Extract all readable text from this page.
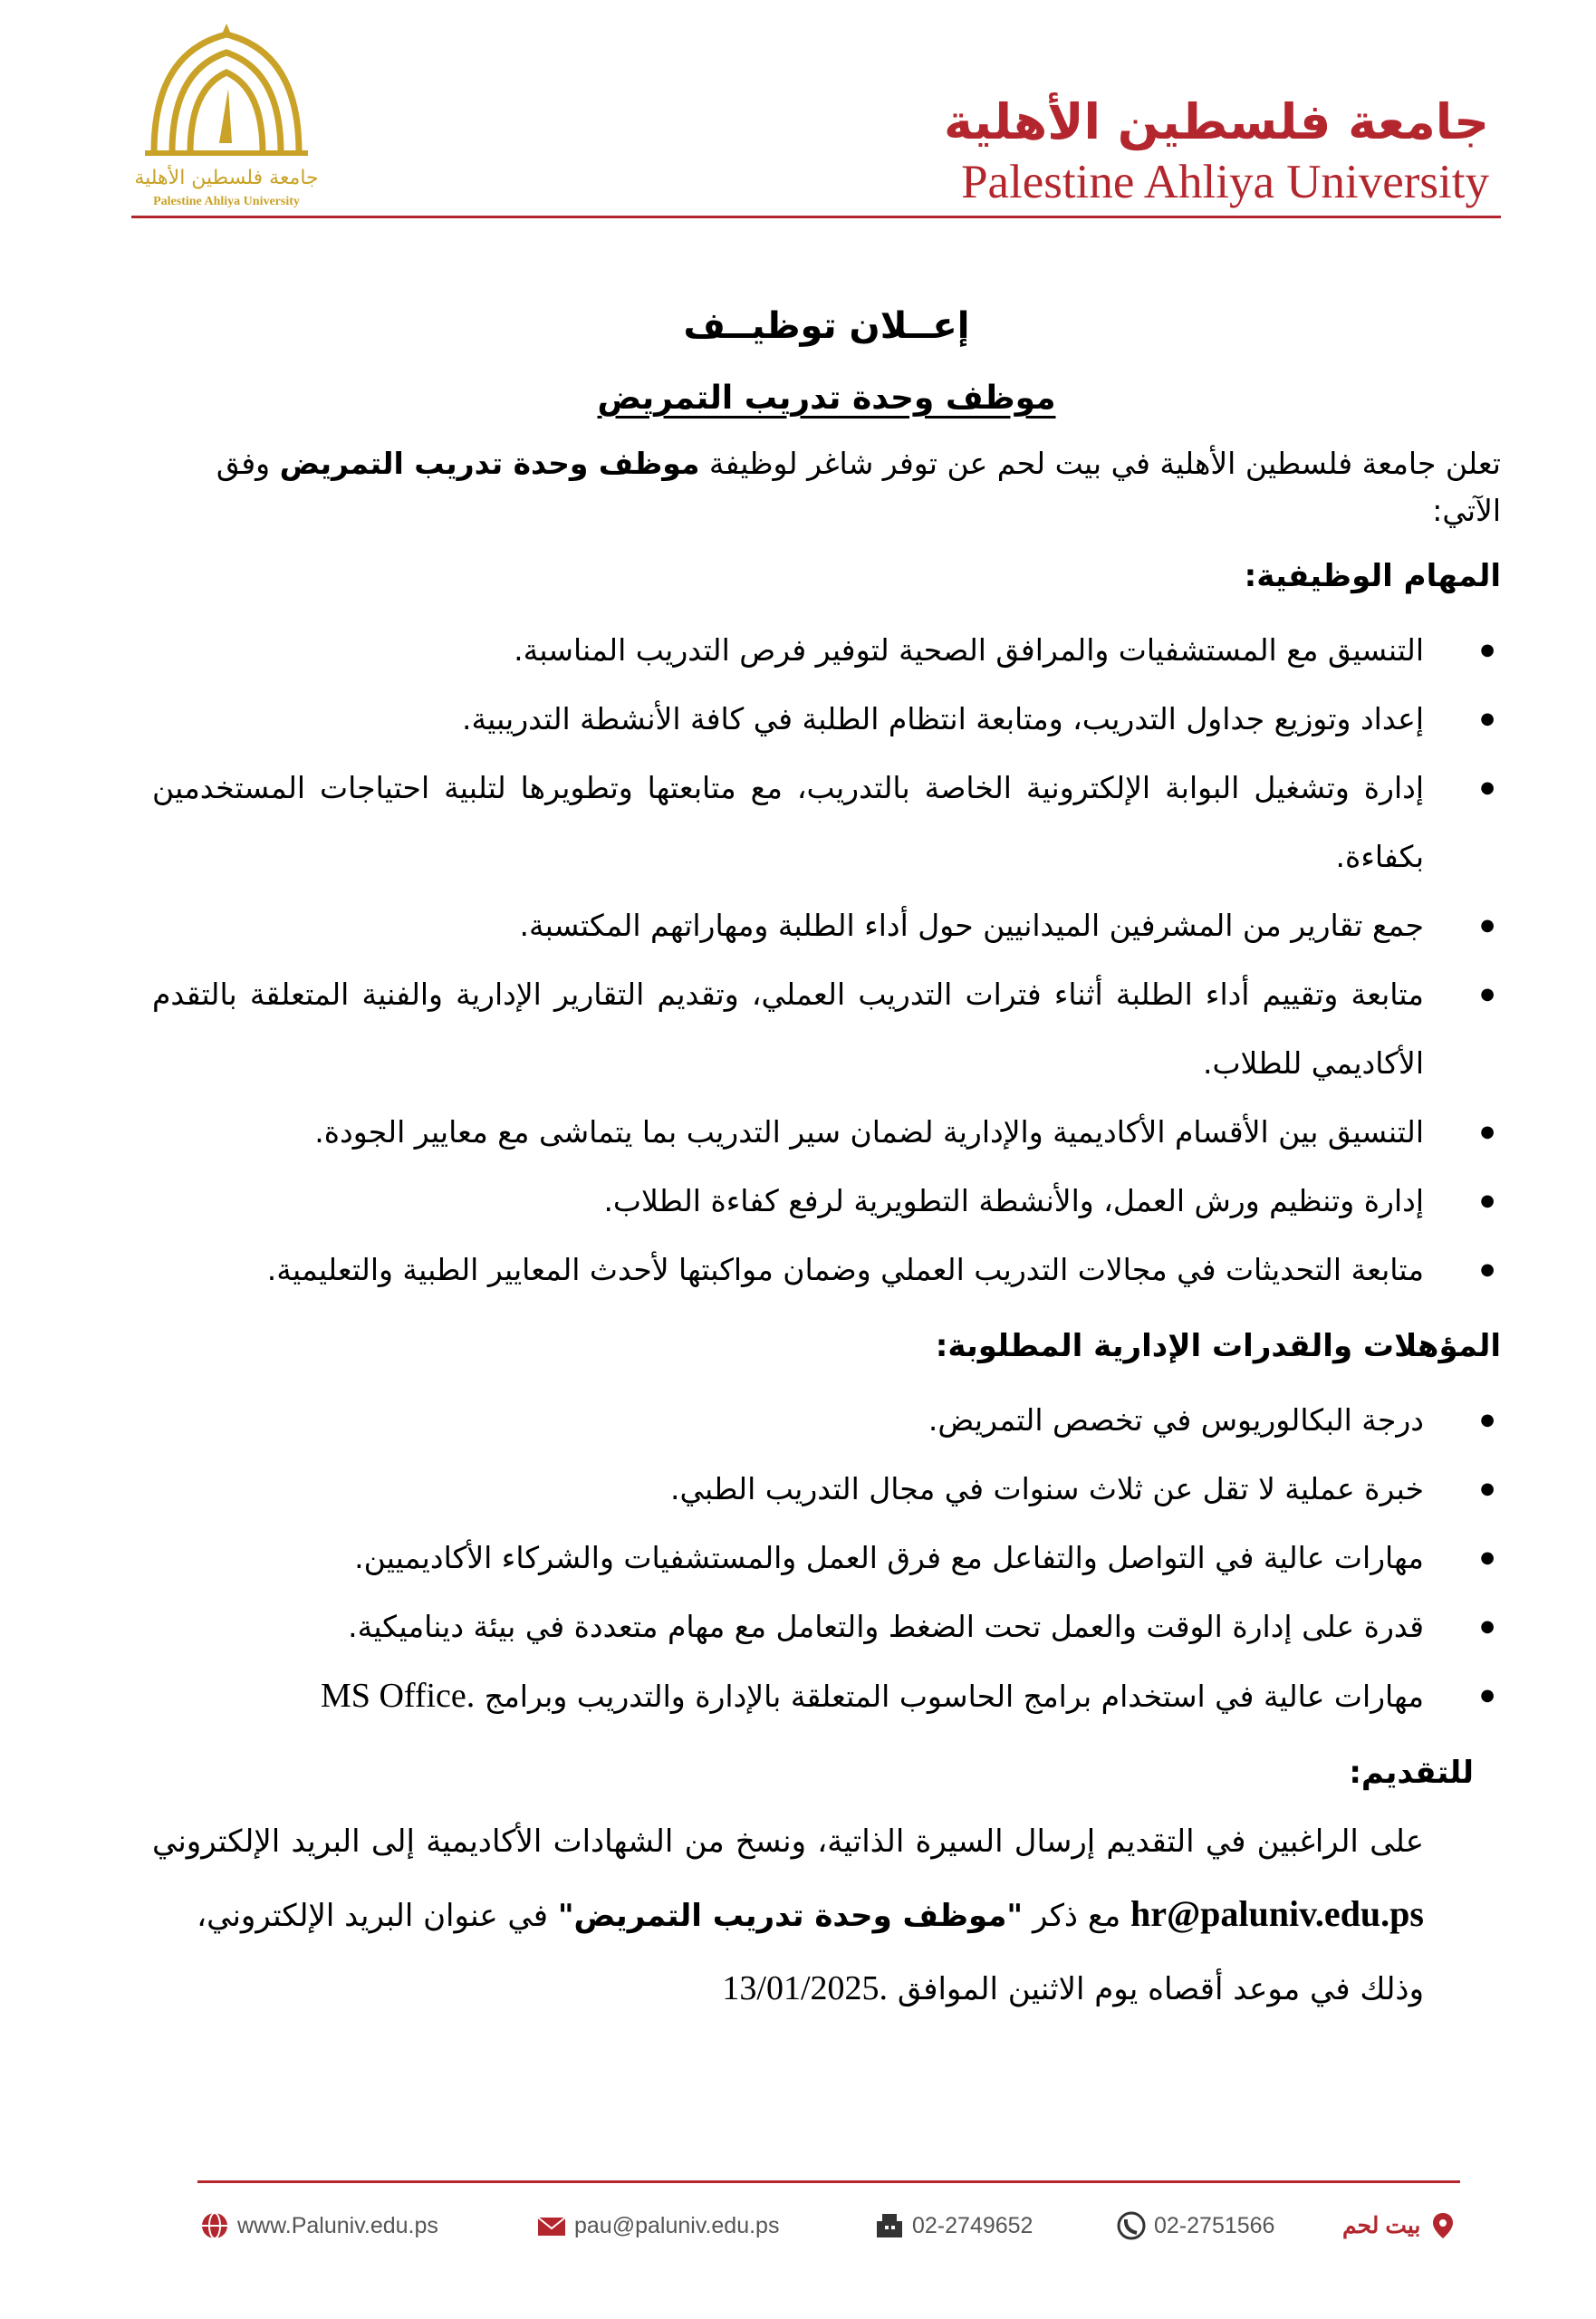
جامعة فلسطين الأهلية
Palestine Ahliya University
جامعة فلسطين الأهلية
Palestine Ahliya University
إعــلان توظيــف
موظف وحدة تدريب التمريض
تعلن جامعة فلسطين الأهلية في بيت لحم عن توفر شاغر لوظيفة موظف وحدة تدريب التمريض وفق الآتي:
المهام الوظيفية:
● التنسيق مع المستشفيات والمرافق الصحية لتوفير فرص التدريب المناسبة.
● إعداد وتوزيع جداول التدريب، ومتابعة انتظام الطلبة في كافة الأنشطة التدريبية.
● إدارة وتشغيل البوابة الإلكترونية الخاصة بالتدريب، مع متابعتها وتطويرها لتلبية احتياجات المستخدمين بكفاءة.
● جمع تقارير من المشرفين الميدانيين حول أداء الطلبة ومهاراتهم المكتسبة.
● متابعة وتقييم أداء الطلبة أثناء فترات التدريب العملي، وتقديم التقارير الإدارية والفنية المتعلقة بالتقدم الأكاديمي للطلاب.
● التنسيق بين الأقسام الأكاديمية والإدارية لضمان سير التدريب بما يتماشى مع معايير الجودة.
● إدارة وتنظيم ورش العمل، والأنشطة التطويرية لرفع كفاءة الطلاب.
● متابعة التحديثات في مجالات التدريب العملي وضمان مواكبتها لأحدث المعايير الطبية والتعليمية.
المؤهلات والقدرات الإدارية المطلوبة:
● درجة البكالوريوس في تخصص التمريض.
● خبرة عملية لا تقل عن ثلاث سنوات في مجال التدريب الطبي.
● مهارات عالية في التواصل والتفاعل مع فرق العمل والمستشفيات والشركاء الأكاديميين.
● قدرة على إدارة الوقت والعمل تحت الضغط والتعامل مع مهام متعددة في بيئة ديناميكية.
● مهارات عالية في استخدام برامج الحاسوب المتعلقة بالإدارة والتدريب وبرامج MS Office.
للتقديم:
على الراغبين في التقديم إرسال السيرة الذاتية، ونسخ من الشهادات الأكاديمية إلى البريد الإلكتروني hr@paluniv.edu.ps مع ذكر "موظف وحدة تدريب التمريض" في عنوان البريد الإلكتروني،
وذلك في موعد أقصاه يوم الاثنين الموافق 13/01/2025.
www.Paluniv.edu.ps	pau@paluniv.edu.ps	02-2749652	02-2751566	بيت لحم
